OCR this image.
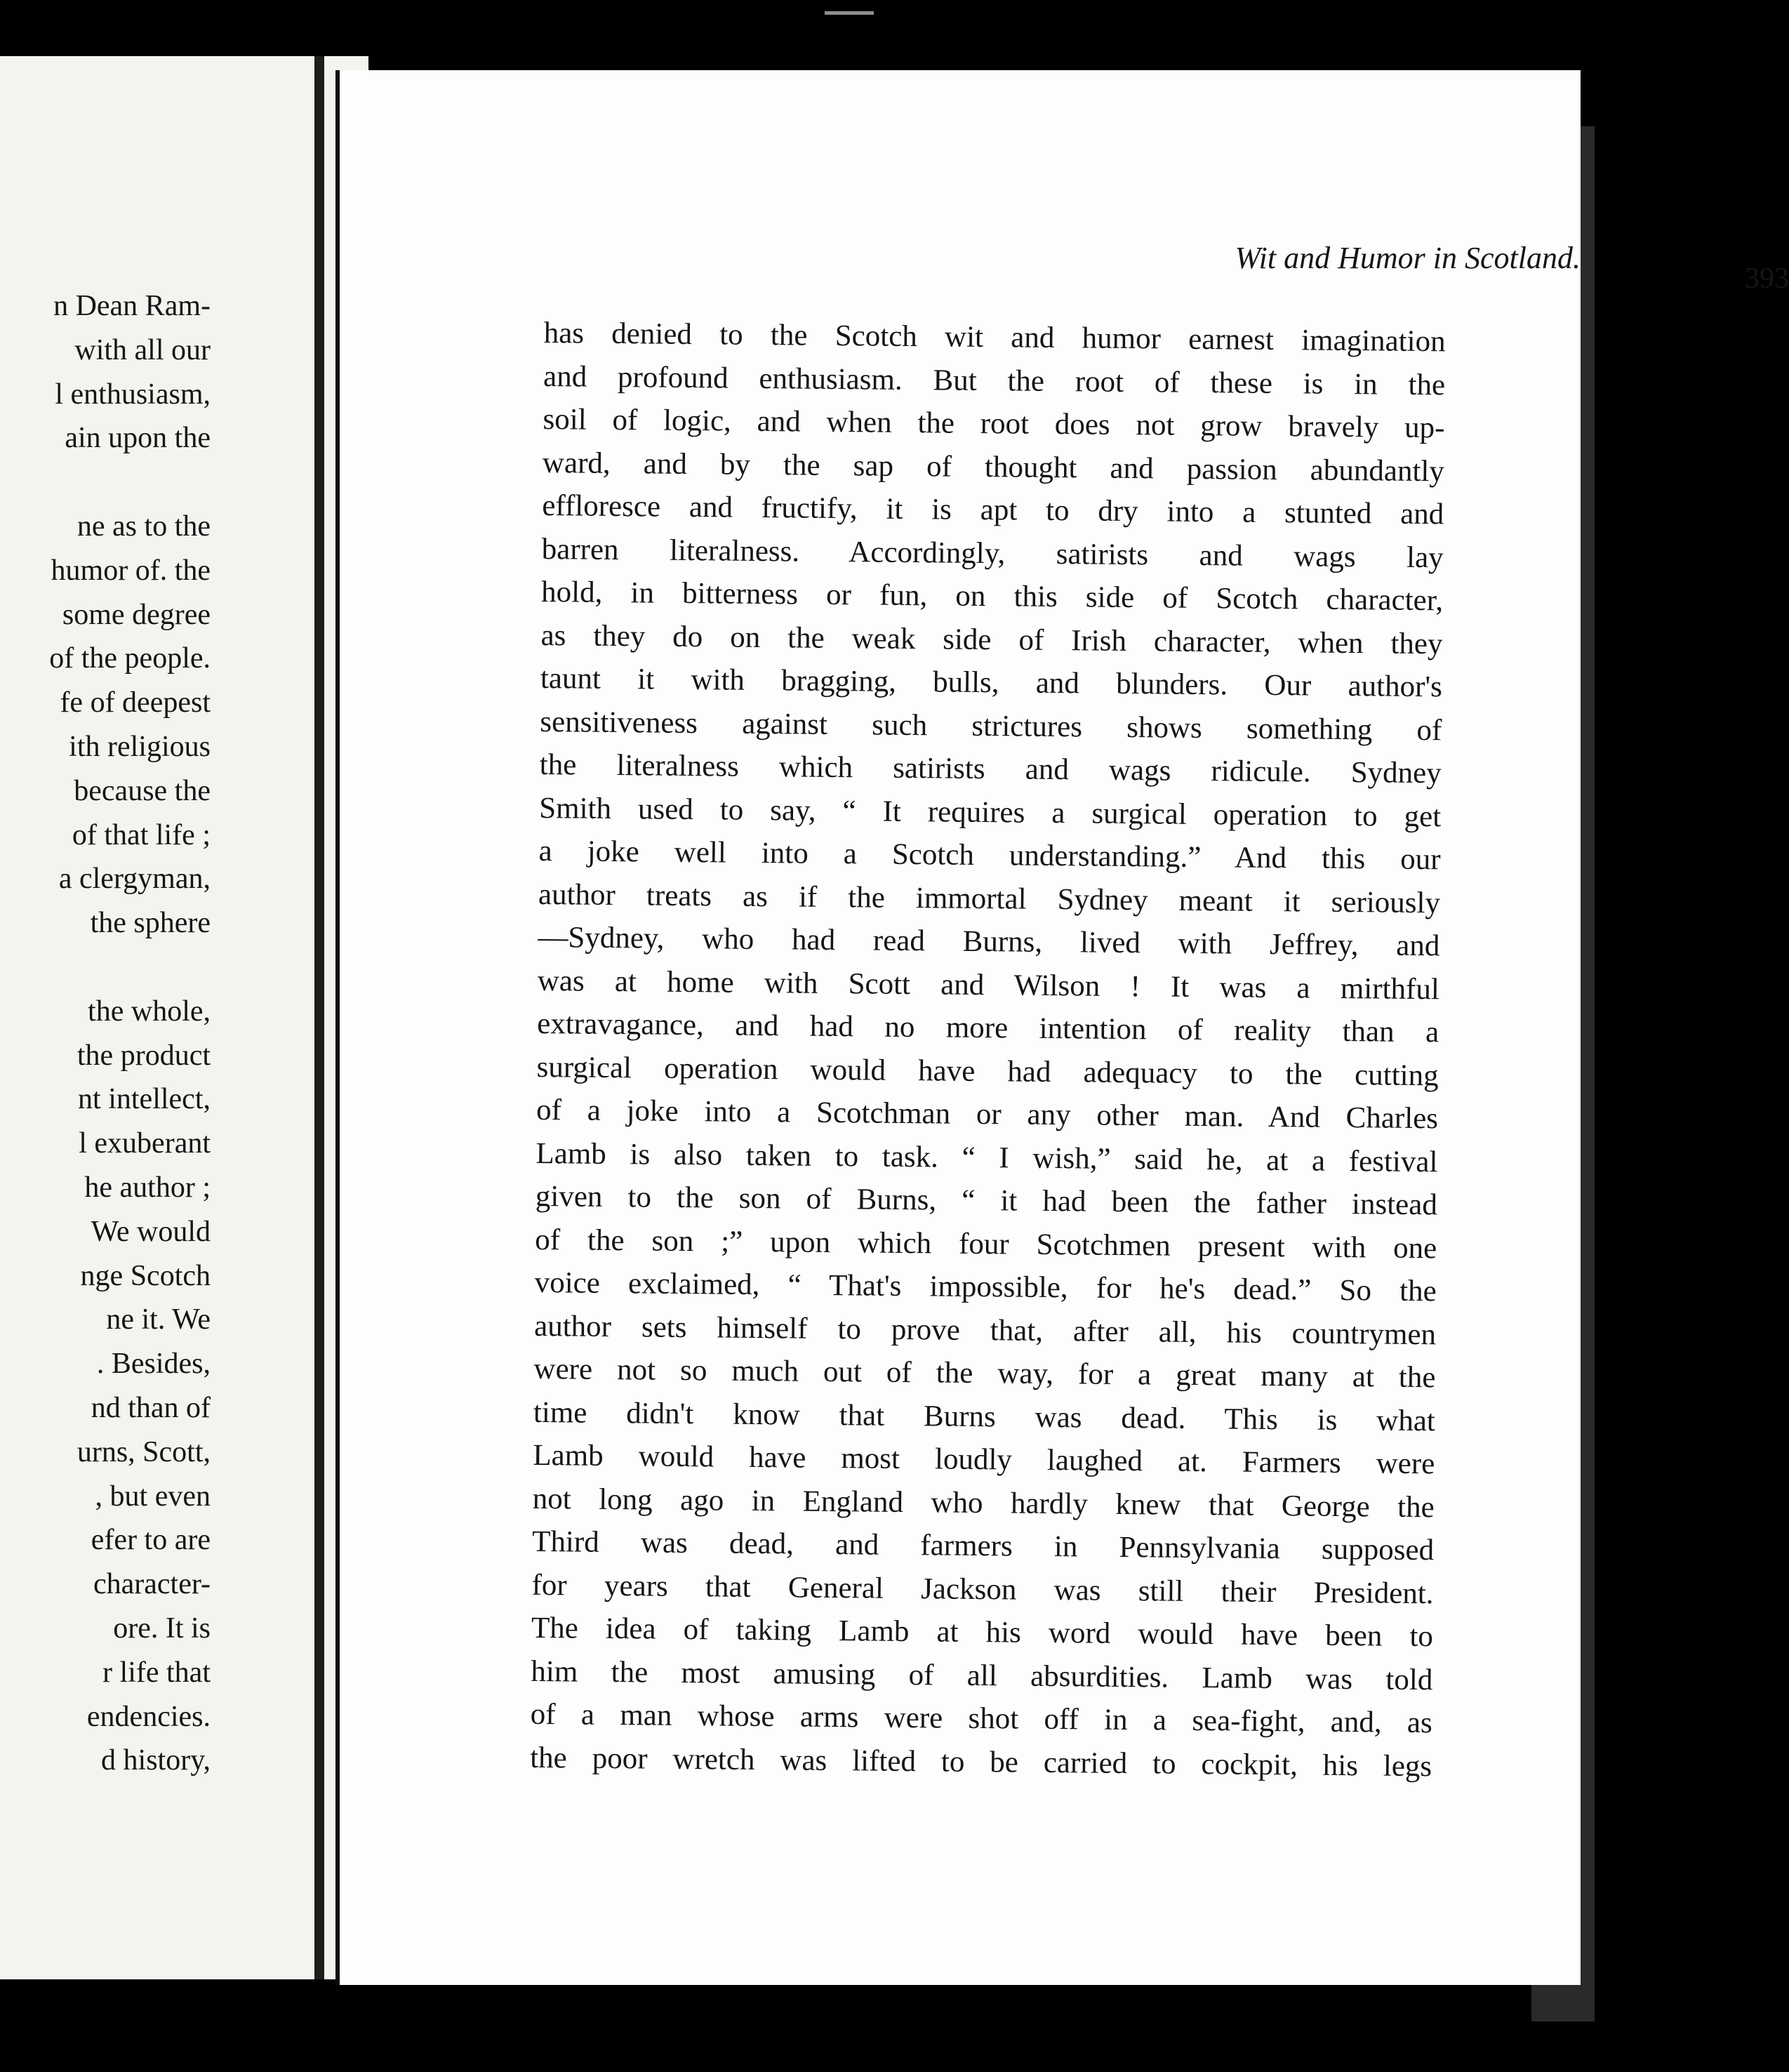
n Dean Ram-
with all our
l enthusiasm,
ain upon the
ne as to the
humor of. the
some degree
of the people.
fe of deepest
ith religious
because the
of that life ;
a clergyman,
the sphere
the whole,
the product
nt intellect,
l exuberant
he author ;
We would
nge Scotch
ne it. We
. Besides,
nd than of
urns, Scott,
, but even
efer to are
character-
ore. It is
r life that
endencies.
d history,
Wit and Humor in Scotland.
393
has denied to the Scotch wit and humor earnest imagination
and profound enthusiasm. But the root of these is in the
soil of logic, and when the root does not grow bravely up-
ward, and by the sap of thought and passion abundantly
effloresce and fructify, it is apt to dry into a stunted and
barren literalness. Accordingly, satirists and wags lay
hold, in bitterness or fun, on this side of Scotch character,
as they do on the weak side of Irish character, when they
taunt it with bragging, bulls, and blunders. Our author's
sensitiveness against such strictures shows something of
the literalness which satirists and wags ridicule. Sydney
Smith used to say, “ It requires a surgical operation to get
a joke well into a Scotch understanding.” And this our
author treats as if the immortal Sydney meant it seriously
—Sydney, who had read Burns, lived with Jeffrey, and
was at home with Scott and Wilson ! It was a mirthful
extravagance, and had no more intention of reality than a
surgical operation would have had adequacy to the cutting
of a joke into a Scotchman or any other man. And Charles
Lamb is also taken to task. “ I wish,” said he, at a festival
given to the son of Burns, “ it had been the father instead
of the son ;” upon which four Scotchmen present with one
voice exclaimed, “ That's impossible, for he's dead.” So the
author sets himself to prove that, after all, his countrymen
were not so much out of the way, for a great many at the
time didn't know that Burns was dead. This is what
Lamb would have most loudly laughed at. Farmers were
not long ago in England who hardly knew that George the
Third was dead, and farmers in Pennsylvania supposed
for years that General Jackson was still their President.
The idea of taking Lamb at his word would have been to
him the most amusing of all absurdities. Lamb was told
of a man whose arms were shot off in a sea-fight, and, as
the poor wretch was lifted to be carried to cockpit, his legs
